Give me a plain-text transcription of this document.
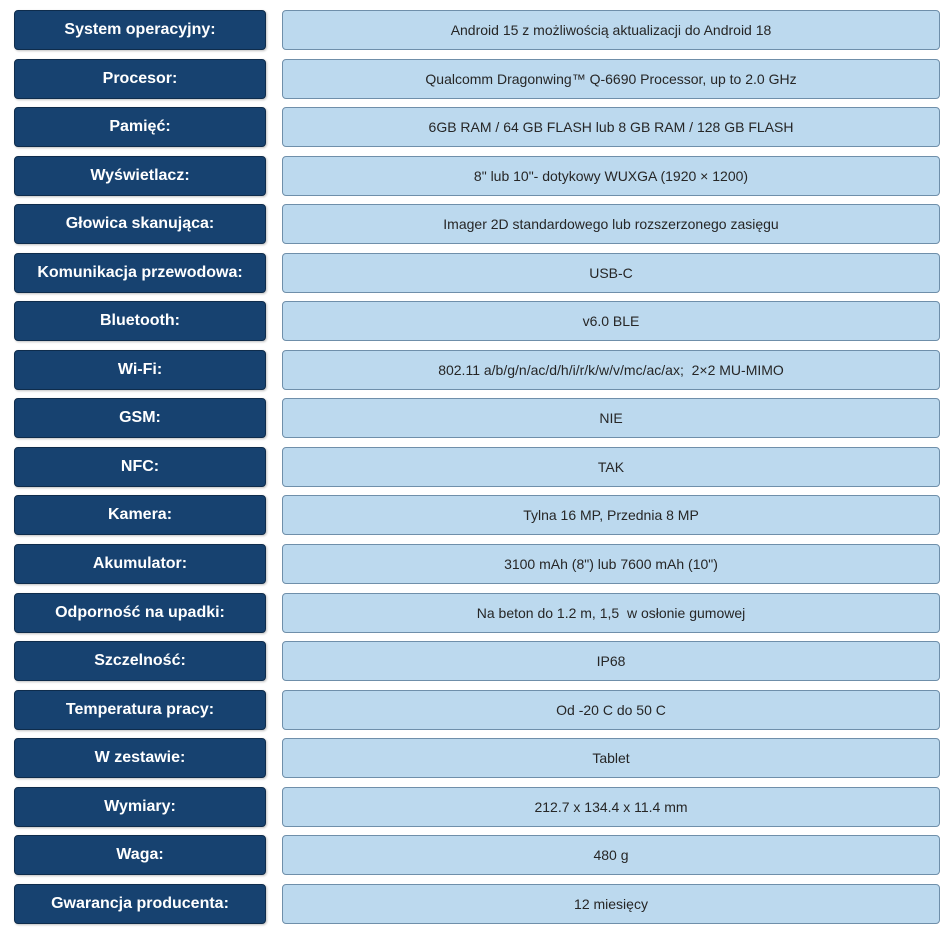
System operacyjny:	Android 15 z możliwością aktualizacji do Android 18
Procesor:	Qualcomm Dragonwing™ Q-6690 Processor, up to 2.0 GHz
Pamięć:	6GB RAM / 64 GB FLASH lub 8 GB RAM / 128 GB FLASH
Wyświetlacz:	8" lub 10"- dotykowy WUXGA (1920 × 1200)
Głowica skanująca:	Imager 2D standardowego lub rozszerzonego zasięgu
Komunikacja przewodowa:	USB-C
Bluetooth:	v6.0 BLE
Wi-Fi:	802.11 a/b/g/n/ac/d/h/i/r/k/w/v/mc/ac/ax;  2×2 MU-MIMO
GSM:	NIE
NFC:	TAK
Kamera:	Tylna 16 MP, Przednia 8 MP
Akumulator:	3100 mAh (8") lub 7600 mAh (10")
Odporność na upadki:	Na beton do 1.2 m, 1,5  w osłonie gumowej
Szczelność:	IP68
Temperatura pracy:	Od -20 C do 50 C
W zestawie:	Tablet
Wymiary:	212.7 x 134.4 x 11.4 mm
Waga:	480 g
Gwarancja producenta:	12 miesięcy
